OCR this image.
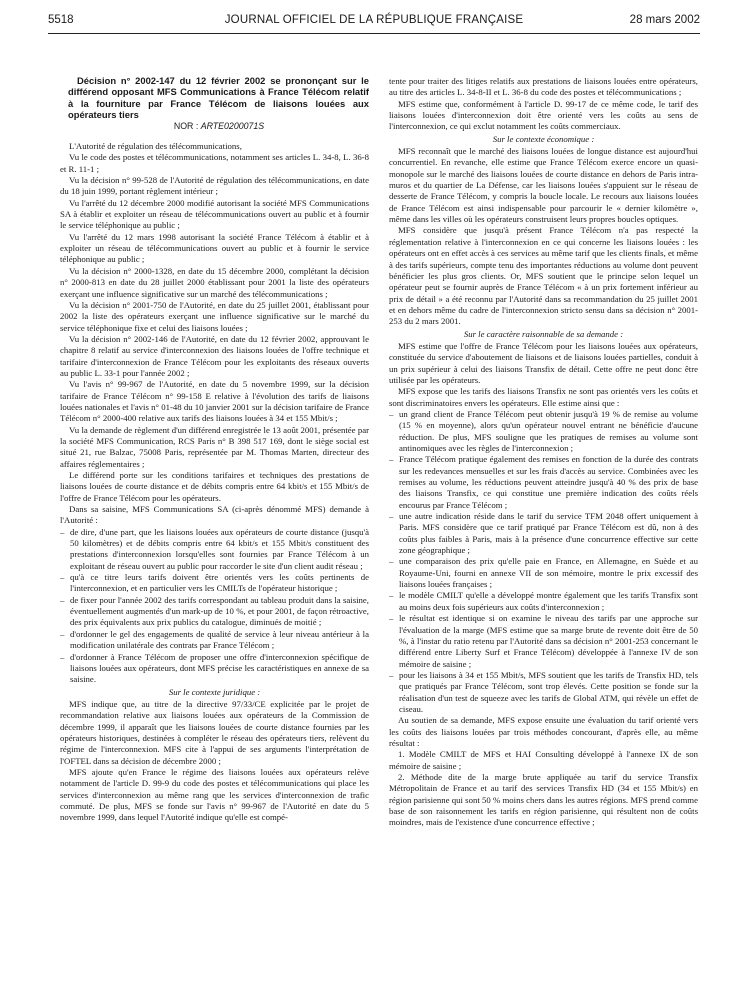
5518	JOURNAL OFFICIEL DE LA RÉPUBLIQUE FRANÇAISE	28 mars 2002

Décision n° 2002-147 du 12 février 2002 se prononçant sur le différend opposant MFS Communications à France Télécom relatif à la fourniture par France Télécom de liaisons louées aux opérateurs tiers

NOR : ARTE0200071S

L'Autorité de régulation des télécommunications,

Vu le code des postes et télécommunications, notamment ses articles L. 34-8, L. 36-8 et R. 11-1 ;

Vu la décision n° 99-528 de l'Autorité de régulation des télécommunications, en date du 18 juin 1999, portant règlement intérieur ;

Vu l'arrêté du 12 décembre 2000 modifié autorisant la société MFS Communications SA à établir et exploiter un réseau de télécommunications ouvert au public et à fournir le service téléphonique au public ;

Vu l'arrêté du 12 mars 1998 autorisant la société France Télécom à établir et à exploiter un réseau de télécommunications ouvert au public et à fournir le service téléphonique au public ;

Vu la décision n° 2000-1328, en date du 15 décembre 2000, complétant la décision n° 2000-813 en date du 28 juillet 2000 établissant pour 2001 la liste des opérateurs exerçant une influence significative sur un marché des télécommunications ;

Vu la décision n° 2001-750 de l'Autorité, en date du 25 juillet 2001, établissant pour 2002 la liste des opérateurs exerçant une influence significative sur le marché du service téléphonique fixe et celui des liaisons louées ;

Vu la décision n° 2002-146 de l'Autorité, en date du 12 février 2002, approuvant le chapitre 8 relatif au service d'interconnexion des liaisons louées de l'offre technique et tarifaire d'interconnexion de France Télécom pour les exploitants des réseaux ouverts au public L. 33-1 pour l'année 2002 ;

Vu l'avis n° 99-967 de l'Autorité, en date du 5 novembre 1999, sur la décision tarifaire de France Télécom n° 99-158 E relative à l'évolution des tarifs de liaisons louées nationales et l'avis n° 01-48 du 10 janvier 2001 sur la décision tarifaire de France Télécom n° 2000-400 relative aux tarifs des liaisons louées à 34 et 155 Mbit/s ;

Vu la demande de règlement d'un différend enregistrée le 13 août 2001, présentée par la société MFS Communication, RCS Paris n° B 398 517 169, dont le siège social est situé 21, rue Balzac, 75008 Paris, représentée par M. Thomas Marten, directeur des affaires réglementaires ;

Le différend porte sur les conditions tarifaires et techniques des prestations de liaisons louées de courte distance et de débits compris entre 64 kbit/s et 155 Mbit/s de l'offre de France Télécom pour les opérateurs.

Dans sa saisine, MFS Communications SA (ci-après dénommé MFS) demande à l'Autorité :

– de dire, d'une part, que les liaisons louées aux opérateurs de courte distance (jusqu'à 50 kilomètres) et de débits compris entre 64 kbit/s et 155 Mbit/s constituent des prestations d'interconnexion lorsqu'elles sont fournies par France Télécom à un exploitant de réseau ouvert au public pour raccorder le site d'un client audit réseau ;
– qu'à ce titre leurs tarifs doivent être orientés vers les coûts pertinents de l'interconnexion, et en particulier vers les CMILTs de l'opérateur historique ;
– de fixer pour l'année 2002 des tarifs correspondant au tableau produit dans la saisine, éventuellement augmentés d'un mark-up de 10 %, et pour 2001, de façon rétroactive, des prix équivalents aux prix publics du catalogue, diminués de moitié ;
– d'ordonner le gel des engagements de qualité de service à leur niveau antérieur à la modification unilatérale des contrats par France Télécom ;
– d'ordonner à France Télécom de proposer une offre d'interconnexion spécifique de liaisons louées aux opérateurs, dont MFS précise les caractéristiques en annexe de sa saisine.

Sur le contexte juridique :

MFS indique que, au titre de la directive 97/33/CE explicitée par le projet de recommandation relative aux liaisons louées aux opérateurs de la Commission de décembre 1999, il apparaît que les liaisons louées de courte distance fournies par les opérateurs historiques, destinées à compléter le réseau des opérateurs tiers, relèvent du régime de l'interconnexion. MFS cite à l'appui de ses arguments l'interprétation de l'OFTEL dans sa décision de décembre 2000 ;

MFS ajoute qu'en France le régime des liaisons louées aux opérateurs relève notamment de l'article D. 99-9 du code des postes et télécommunications qui place les services d'interconnexion au même rang que les services d'interconnexion de trafic commuté. De plus, MFS se fonde sur l'avis n° 99-967 de l'Autorité en date du 5 novembre 1999, dans lequel l'Autorité indique qu'elle est compé-

tente pour traiter des litiges relatifs aux prestations de liaisons louées entre opérateurs, au titre des articles L. 34-8-II et L. 36-8 du code des postes et télécommunications ;

MFS estime que, conformément à l'article D. 99-17 de ce même code, le tarif des liaisons louées d'interconnexion doit être orienté vers les coûts au sens de l'interconnexion, ce qui exclut notamment les coûts commerciaux.

Sur le contexte économique :

MFS reconnaît que le marché des liaisons louées de longue distance est aujourd'hui concurrentiel. En revanche, elle estime que France Télécom exerce encore un quasi-monopole sur le marché des liaisons louées de courte distance en dehors de Paris intra-muros et du quartier de La Défense, car les liaisons louées s'appuient sur le réseau de desserte de France Télécom, y compris la boucle locale. Le recours aux liaisons louées de France Télécom est ainsi indispensable pour parcourir le « dernier kilomètre », même dans les villes où les opérateurs construisent leurs propres boucles optiques.

MFS considère que jusqu'à présent France Télécom n'a pas respecté la réglementation relative à l'interconnexion en ce qui concerne les liaisons louées : les opérateurs ont en effet accès à ces services au même tarif que les clients finals, et même à des tarifs supérieurs, compte tenu des importantes réductions au volume dont peuvent bénéficier les plus gros clients. Or, MFS soutient que le principe selon lequel un opérateur peut se fournir auprès de France Télécom « à un prix fortement inférieur au prix de détail » a été reconnu par l'Autorité dans sa recommandation du 25 juillet 2001 et en dehors même du cadre de l'interconnexion stricto sensu dans sa décision n° 2001-253 du 2 mars 2001.

Sur le caractère raisonnable de sa demande :

MFS estime que l'offre de France Télécom pour les liaisons louées aux opérateurs, constituée du service d'aboutement de liaisons et de liaisons louées partielles, conduit à un prix supérieur à celui des liaisons Transfix de détail. Cette offre ne peut donc être utilisée par les opérateurs.

MFS expose que les tarifs des liaisons Transfix ne sont pas orientés vers les coûts et sont discriminatoires envers les opérateurs. Elle estime ainsi que :

– un grand client de France Télécom peut obtenir jusqu'à 19 % de remise au volume (15 % en moyenne), alors qu'un opérateur nouvel entrant ne bénéficie d'aucune réduction. De plus, MFS souligne que les pratiques de remises au volume sont antinomiques avec les règles de l'interconnexion ;
– France Télécom pratique également des remises en fonction de la durée des contrats sur les redevances mensuelles et sur les frais d'accès au service. Combinées avec les remises au volume, les réductions peuvent atteindre jusqu'à 40 % des prix de base des liaisons Transfix, ce qui constitue une première indication des coûts réels encourus par France Télécom ;
– une autre indication réside dans le tarif du service TFM 2048 offert uniquement à Paris. MFS considère que ce tarif pratiqué par France Télécom est dû, non à des coûts plus faibles à Paris, mais à la présence d'une concurrence effective sur cette zone géographique ;
– une comparaison des prix qu'elle paie en France, en Allemagne, en Suède et au Royaume-Uni, fourni en annexe VII de son mémoire, montre le prix excessif des liaisons louées françaises ;
– le modèle CMILT qu'elle a développé montre également que les tarifs Transfix sont au moins deux fois supérieurs aux coûts d'interconnexion ;
– le résultat est identique si on examine le niveau des tarifs par une approche sur l'évaluation de la marge (MFS estime que sa marge brute de revente doit être de 50 %, à l'instar du ratio retenu par l'Autorité dans sa décision n° 2001-253 concernant le différend entre Liberty Surf et France Télécom) développée à l'annexe IV de son mémoire de saisine ;
– pour les liaisons à 34 et 155 Mbit/s, MFS soutient que les tarifs de Transfix HD, tels que pratiqués par France Télécom, sont trop élevés. Cette position se fonde sur la réalisation d'un test de squeeze avec les tarifs de Global ATM, qui révèle un effet de ciseau.

Au soutien de sa demande, MFS expose ensuite une évaluation du tarif orienté vers les coûts des liaisons louées par trois méthodes concourant, d'après elle, au même résultat :

1. Modèle CMILT de MFS et HAI Consulting développé à l'annexe IX de son mémoire de saisine ;

2. Méthode dite de la marge brute appliquée au tarif du service Transfix Métropolitain de France et au tarif des services Transfix HD (34 et 155 Mbit/s) en région parisienne qui sont 50 % moins chers dans les autres régions. MFS prend comme base de son raisonnement les tarifs en région parisienne, qui résultent non de coûts moindres, mais de l'existence d'une concurrence effective ;
